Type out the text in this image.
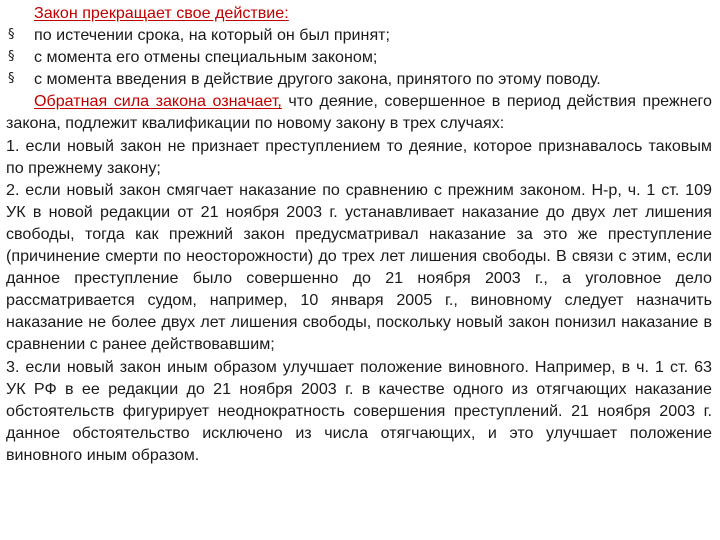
Закон прекращает свое действие:
§ по истечении срока, на который он был принят;
§ с момента его отмены специальным законом;
§ с момента введения в действие другого закона, принятого по этому поводу.

Обратная сила закона означает, что деяние, совершенное в период действия прежнего закона, подлежит квалификации по новому закону в трех случаях:

1. если новый закон не признает преступлением то деяние, которое признавалось таковым по прежнему закону;

2. если новый закон смягчает наказание по сравнению с прежним законом. Н-р, ч. 1 ст. 109 УК в новой редакции от 21 ноября 2003 г. устанавливает наказание до двух лет лишения свободы, тогда как прежний закон предусматривал наказание за это же преступление (причинение смерти по неосторожности) до трех лет лишения свободы. В связи с этим, если данное преступление было совершенно до 21 ноября 2003 г., а уголовное дело рассматривается судом, например, 10 января 2005 г., виновному следует назначить наказание не более двух лет лишения свободы, поскольку новый закон понизил наказание в сравнении с ранее действовавшим;

3. если новый закон иным образом улучшает положение виновного. Например, в ч. 1 ст. 63 УК РФ в ее редакции до 21 ноября 2003 г. в качестве одного из отягчающих наказание обстоятельств фигурирует неоднократность совершения преступлений. 21 ноября 2003 г. данное обстоятельство исключено из числа отягчающих, и это улучшает положение виновного иным образом.
